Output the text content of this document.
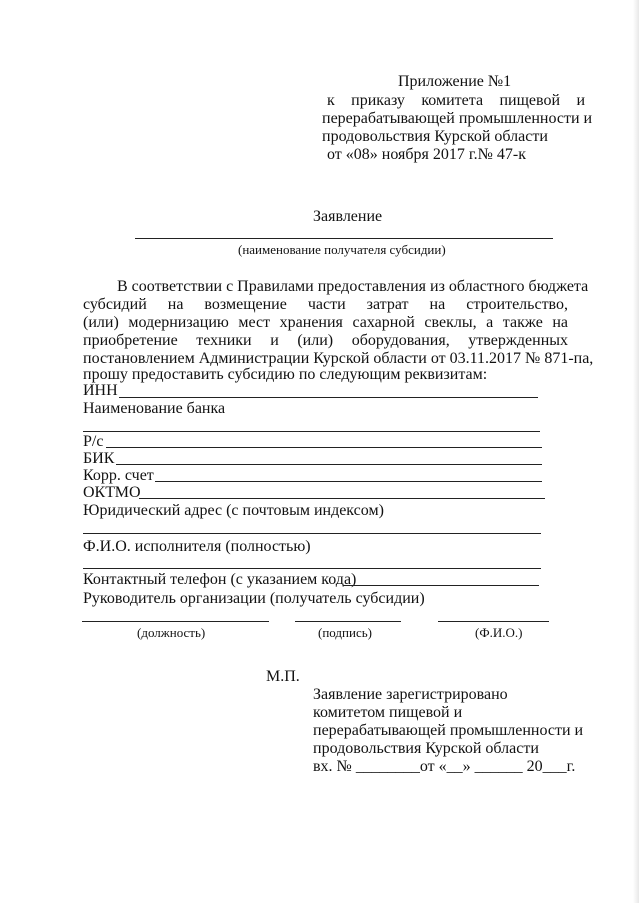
Приложение №1
к приказу комитета пищевой и
перерабатывающей промышленности и
продовольствия Курской области
от «08» ноября 2017 г.№ 47-к
Заявление
(наименование получателя субсидии)
В соответствии с Правилами предоставления из областного бюджета
субсидий на возмещение части затрат на строительство,
(или) модернизацию мест хранения сахарной свеклы, а также на
приобретение техники и (или) оборудования, утвержденных
постановлением Администрации Курской области от 03.11.2017 № 871-па,
прошу предоставить субсидию по следующим реквизитам:
ИНН
Наименование банка
Р/с
БИК
Корр. счет
ОКТМО
Юридический адрес (с почтовым индексом)
Ф.И.О. исполнителя (полностью)
Контактный телефон (с указанием кода)
Руководитель организации (получатель субсидии)
(должность)	(подпись)	(Ф.И.О.)
М.П.
Заявление зарегистрировано
комитетом пищевой и
перерабатывающей промышленности и
продовольствия Курской области
вх. № ________от «__» ______ 20___г.
